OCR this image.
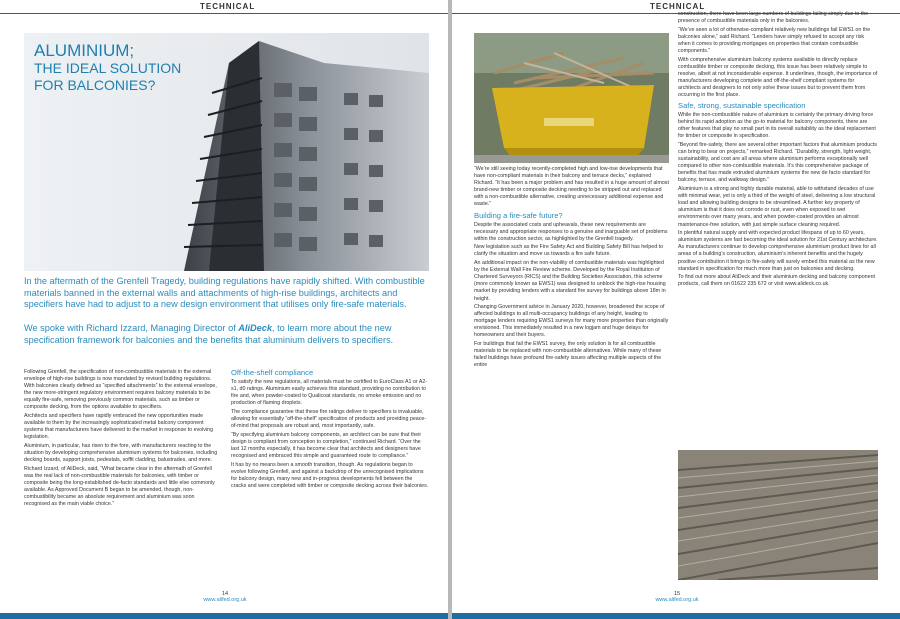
TECHNICAL
ALUMINIUM;
THE IDEAL SOLUTION
FOR BALCONIES?

In the aftermath of the Grenfell Tragedy, building regulations have rapidly shifted. With combustible materials banned in the external walls and attachments of high-rise buildings, architects and specifiers have had to adjust to a new design environment that utilises only fire-safe materials.

We spoke with Richard Izzard, Managing Director of AliDeck, to learn more about the new specification framework for balconies and the benefits that aluminium delivers to specifiers.

Following Grenfell, the specification of non-combustible materials in the external envelope of high-rise buildings is now mandated by revised building regulations. With balconies clearly defined as “specified attachments” to the external envelope, the new more-stringent regulatory environment requires balcony materials to be equally fire-safe, removing previously common materials, such as timber or composite decking, from the options available to specifiers.

Architects and specifiers have rapidly embraced the new opportunities made available to them by the increasingly sophisticated metal balcony component systems that manufacturers have delivered to the market in response to evolving legislation.

Aluminium, in particular, has risen to the fore, with manufacturers reacting to the situation by developing comprehensive aluminium systems for balconies, including decking boards, support joists, pedestals, soffit cladding, balustrades, and more.

Richard Izzard, of AliDeck, said, “What became clear in the aftermath of Grenfell was the real lack of non-combustible materials for balconies, with timber or composite being the long-established de-facto standards and little else commonly available. As Approved Document B began to be amended, though, non-combustibility became an absolute requirement and aluminium was soon recognised as the main viable choice.”

Off-the-shelf compliance

To satisfy the new regulations, all materials must be certified to EuroClass A1 or A2-s1, d0 ratings. Aluminium easily achieves this standard, providing no contribution to fire and, when powder-coated to Qualicoat standards, no smoke emission and no production of flaming droplets.

The compliance guarantee that these fire ratings deliver to specifiers is invaluable, allowing for essentially “off-the-shelf” specification of products and providing peace-of-mind that proposals are robust and, most importantly, safe.

“By specifying aluminium balcony components, an architect can be sure that their design is compliant from conception to completion,” continued Richard. “Over the last 12 months especially, it has become clear that architects and designers have recognised and embraced this simple and guaranteed route to compliance.”

It has by no means been a smooth transition, though. As regulations began to evolve following Grenfell, and against a backdrop of the unrecognised implications for balcony design, many new and in-progress developments fell between the cracks and were completed with timber or composite decking across their balconies.

14
www.alifed.org.uk
TECHNICAL

“We’re still seeing today recently-completed high and low-rise developments that have non-compliant materials in their balcony and terrace decks,” explained Richard. “It has been a major problem and has resulted in a huge amount of almost brand-new timber or composite decking needing to be stripped out and replaced with a non-combustible alternative, creating unnecessary additional expense and waste.”

Building a fire-safe future?

Despite the associated costs and upheavals, these new requirements are necessary and appropriate responses to a genuine and inarguable set of problems within the construction sector, as highlighted by the Grenfell tragedy.

New legislation such as the Fire Safety Act and Building Safety Bill has helped to clarify the situation and move us towards a fire safe future.

An additional impact on the non-viability of combustible materials was highlighted by the External Wall Fire Review scheme. Developed by the Royal Institution of Chartered Surveyors (RICS) and the Building Societies Association, this scheme (more commonly known as EWS1) was designed to unblock the high-rise housing market by providing lenders with a standard fire survey for buildings above 18m in height.

Changing Government advice in January 2020, however, broadened the scope of affected buildings to all multi-occupancy buildings of any height, leading to mortgage lenders requiring EWS1 surveys for many more properties than originally envisioned. This immediately resulted in a new logjam and huge delays for homeowners and their buyers.

For buildings that fail the EWS1 survey, the only solution is for all combustible materials to be replaced with non-combustible alternatives. While many of these failed buildings have profound fire-safety issues affecting multiple aspects of the entire

construction, there have been large numbers of buildings failing simply due to the presence of combustible materials only in the balconies.

“We’ve seen a lot of otherwise-compliant relatively new buildings fail EWS1 on the balconies alone,” said Richard. “Lenders have simply refused to accept any risk when it comes to providing mortgages on properties that contain combustible components.”

With comprehensive aluminium balcony systems available to directly replace combustible timber or composite decking, this issue has been relatively simple to resolve, albeit at not inconsiderable expense. It underlines, though, the importance of manufacturers developing complete and off-the-shelf compliant systems for architects and designers to not only solve these issues but to prevent them from occurring in the first place.

Safe, strong, sustainable specification

While the non-combustible nature of aluminium is certainly the primary driving force behind its rapid adoption as the go-to material for balcony components, there are other features that play no small part in its overall suitability as the ideal replacement for timber or composite in specification.

“Beyond fire-safety, there are several other important factors that aluminium products can bring to bear on projects,” remarked Richard. “Durability, strength, light weight, sustainability, and cost are all areas where aluminium performs exceptionally well compared to other non-combustible materials. It’s this comprehensive package of benefits that has made extruded aluminium systems the new de facto standard for balcony, terrace, and walkway design.”

Aluminium is a strong and highly durable material, able to withstand decades of use with minimal wear, yet is only a third of the weight of steel, delivering a low structural load and allowing building designs to be streamlined. A further key property of aluminium is that it does not corrode or rust, even when exposed to wet environments over many years, and when powder-coated provides an almost maintenance-free solution, with just simple surface cleaning required.

In plentiful natural supply and with expected product lifespans of up to 60 years, aluminium systems are fast becoming the ideal solution for 21st Century architecture. As manufacturers continue to develop comprehensive aluminium product lines for all areas of a building’s construction, aluminium’s inherent benefits and the hugely positive contribution it brings to fire-safety will surely embed this material as the new standard in specification for much more than just on balconies and decking.

To find out more about AliDeck and their aluminium decking and balcony component products, call them on 01622 235 672 or visit www.alideck.co.uk.

15
www.alifed.org.uk
